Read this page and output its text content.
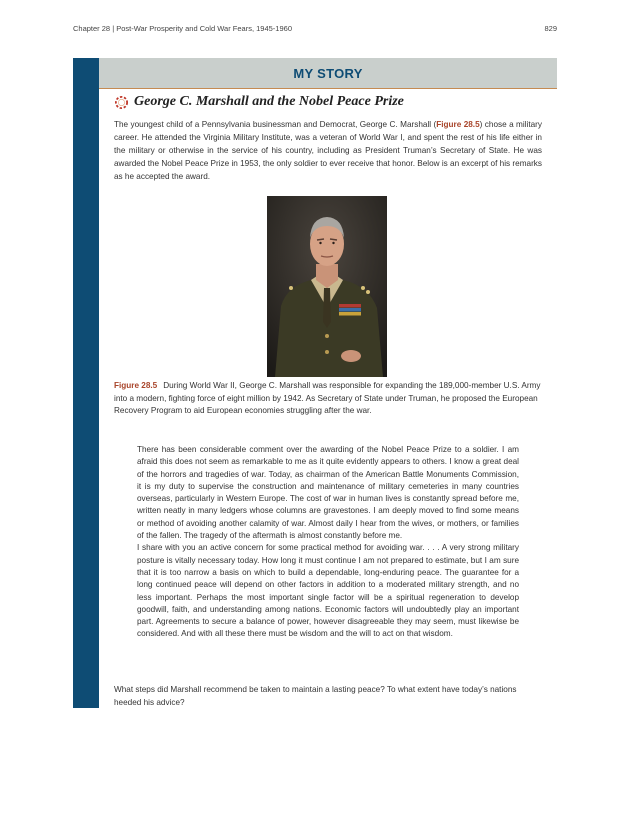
Chapter 28 | Post-War Prosperity and Cold War Fears, 1945-1960	829
MY STORY
George C. Marshall and the Nobel Peace Prize

The youngest child of a Pennsylvania businessman and Democrat, George C. Marshall (Figure 28.5) chose a military career. He attended the Virginia Military Institute, was a veteran of World War I, and spent the rest of his life either in the military or otherwise in the service of his country, including as President Truman’s Secretary of State. He was awarded the Nobel Peace Prize in 1953, the only soldier to ever receive that honor. Below is an excerpt of his remarks as he accepted the award.

Figure 28.5 During World War II, George C. Marshall was responsible for expanding the 189,000-member U.S. Army into a modern, fighting force of eight million by 1942. As Secretary of State under Truman, he proposed the European Recovery Program to aid European economies struggling after the war.

There has been considerable comment over the awarding of the Nobel Peace Prize to a soldier. I am afraid this does not seem as remarkable to me as it quite evidently appears to others. I know a great deal of the horrors and tragedies of war. Today, as chairman of the American Battle Monuments Commission, it is my duty to supervise the construction and maintenance of military cemeteries in many countries overseas, particularly in Western Europe. The cost of war in human lives is constantly spread before me, written neatly in many ledgers whose columns are gravestones. I am deeply moved to find some means or method of avoiding another calamity of war. Almost daily I hear from the wives, or mothers, or families of the fallen. The tragedy of the aftermath is almost constantly before me.

I share with you an active concern for some practical method for avoiding war. . . . A very strong military posture is vitally necessary today. How long it must continue I am not prepared to estimate, but I am sure that it is too narrow a basis on which to build a dependable, long-enduring peace. The guarantee for a long continued peace will depend on other factors in addition to a moderated military strength, and no less important. Perhaps the most important single factor will be a spiritual regeneration to develop goodwill, faith, and understanding among nations. Economic factors will undoubtedly play an important part. Agreements to secure a balance of power, however disagreeable they may seem, must likewise be considered. And with all these there must be wisdom and the will to act on that wisdom.

What steps did Marshall recommend be taken to maintain a lasting peace? To what extent have today’s nations heeded his advice?
